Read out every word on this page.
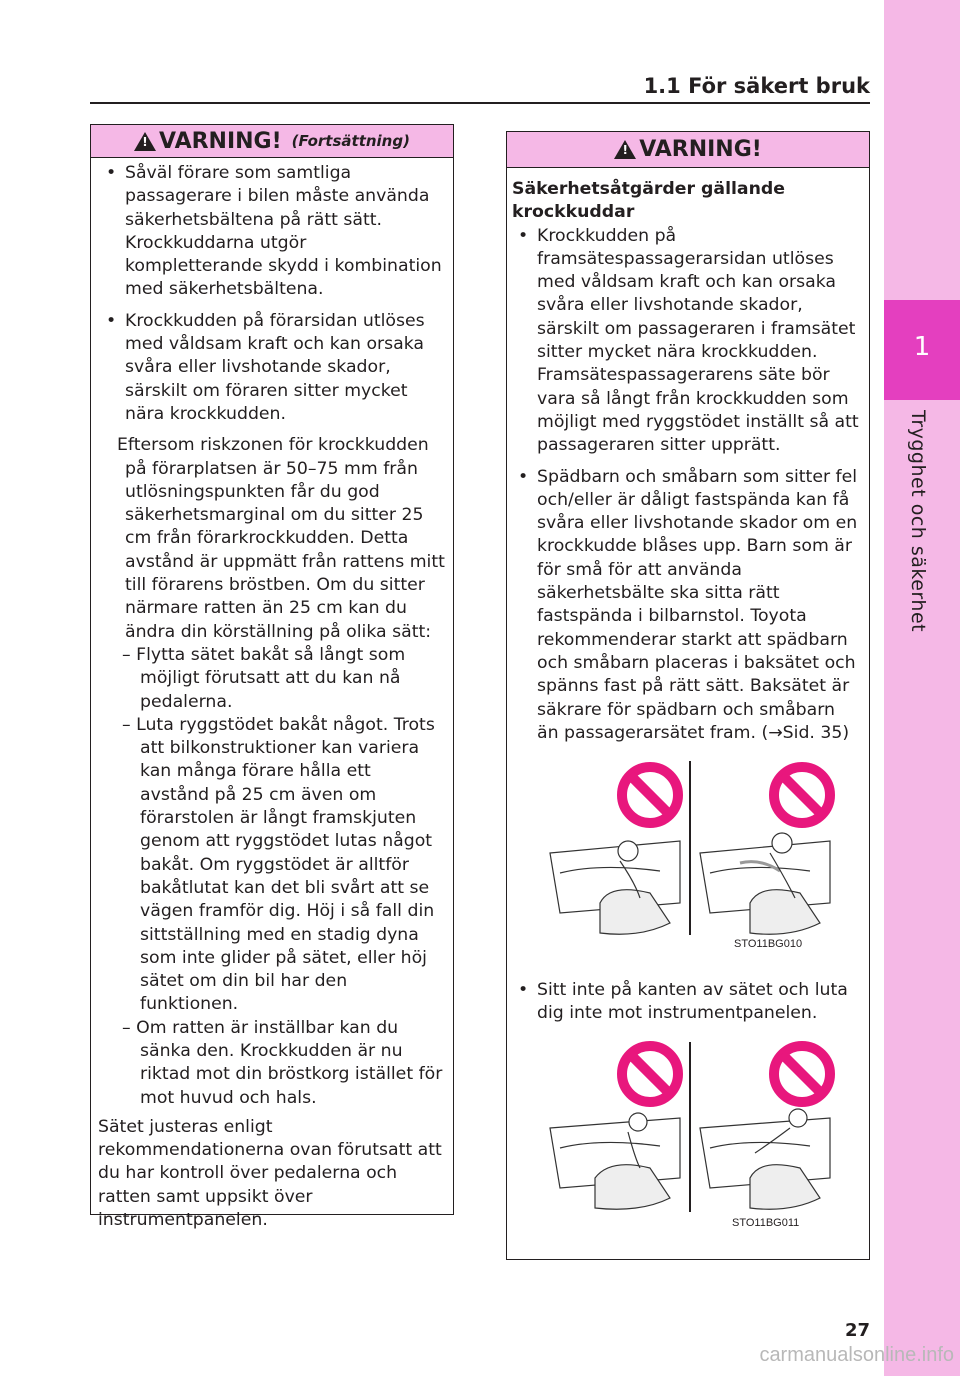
1
Trygghet och säkerhet
1.1 För säkert bruk
! VARNING! (Fortsättning)
• Såväl förare som samtliga passagerare i bilen måste använda säkerhetsbältena på rätt sätt. Krockkuddarna utgör kompletterande skydd i kombination med säkerhetsbältena.
• Krockkudden på förarsidan utlöses med våldsam kraft och kan orsaka svåra eller livshotande skador, särskilt om föraren sitter mycket nära krockkudden.
Eftersom riskzonen för krockkudden på förarplatsen är 50–75 mm från utlösningspunkten får du god säkerhetsmarginal om du sitter 25 cm från förarkrockkudden. Detta avstånd är uppmätt från rattens mitt till förarens bröstben. Om du sitter närmare ratten än 25 cm kan du ändra din körställning på olika sätt:
– Flytta sätet bakåt så långt som möjligt förutsatt att du kan nå pedalerna.
– Luta ryggstödet bakåt något. Trots att bilkonstruktioner kan variera kan många förare hålla ett avstånd på 25 cm även om förarstolen är långt framskjuten genom att ryggstödet lutas något bakåt. Om ryggstödet är alltför bakåtlutat kan det bli svårt att se vägen framför dig. Höj i så fall din sittställning med en stadig dyna som inte glider på sätet, eller höj sätet om din bil har den funktionen.
– Om ratten är inställbar kan du sänka den. Krockkudden är nu riktad mot din bröstkorg istället för mot huvud och hals.
Sätet justeras enligt rekommendationerna ovan förutsatt att du har kontroll över pedalerna och ratten samt uppsikt över instrumentpanelen.
! VARNING!
Säkerhetsåtgärder gällande krockkuddar
• Krockkudden på framsätespassagerarsidan utlöses med våldsam kraft och kan orsaka svåra eller livshotande skador, särskilt om passageraren i framsätet sitter mycket nära krockkudden. Framsätespassagerarens säte bör vara så långt från krockkudden som möjligt med ryggstödet inställt så att passageraren sitter upprätt.
• Spädbarn och småbarn som sitter fel och/eller är dåligt fastspända kan få svåra eller livshotande skador om en krockkudde blåses upp. Barn som är för små för att använda säkerhetsbälte ska sitta rätt fastspända i bilbarnstol. Toyota rekommenderar starkt att spädbarn och småbarn placeras i baksätet och spänns fast på rätt sätt. Baksätet är säkrare för spädbarn och småbarn än passagerarsätet fram. (→Sid. 35)
STO11BG010
• Sitt inte på kanten av sätet och luta dig inte mot instrumentpanelen.
STO11BG011
27
carmanualsonline.info
